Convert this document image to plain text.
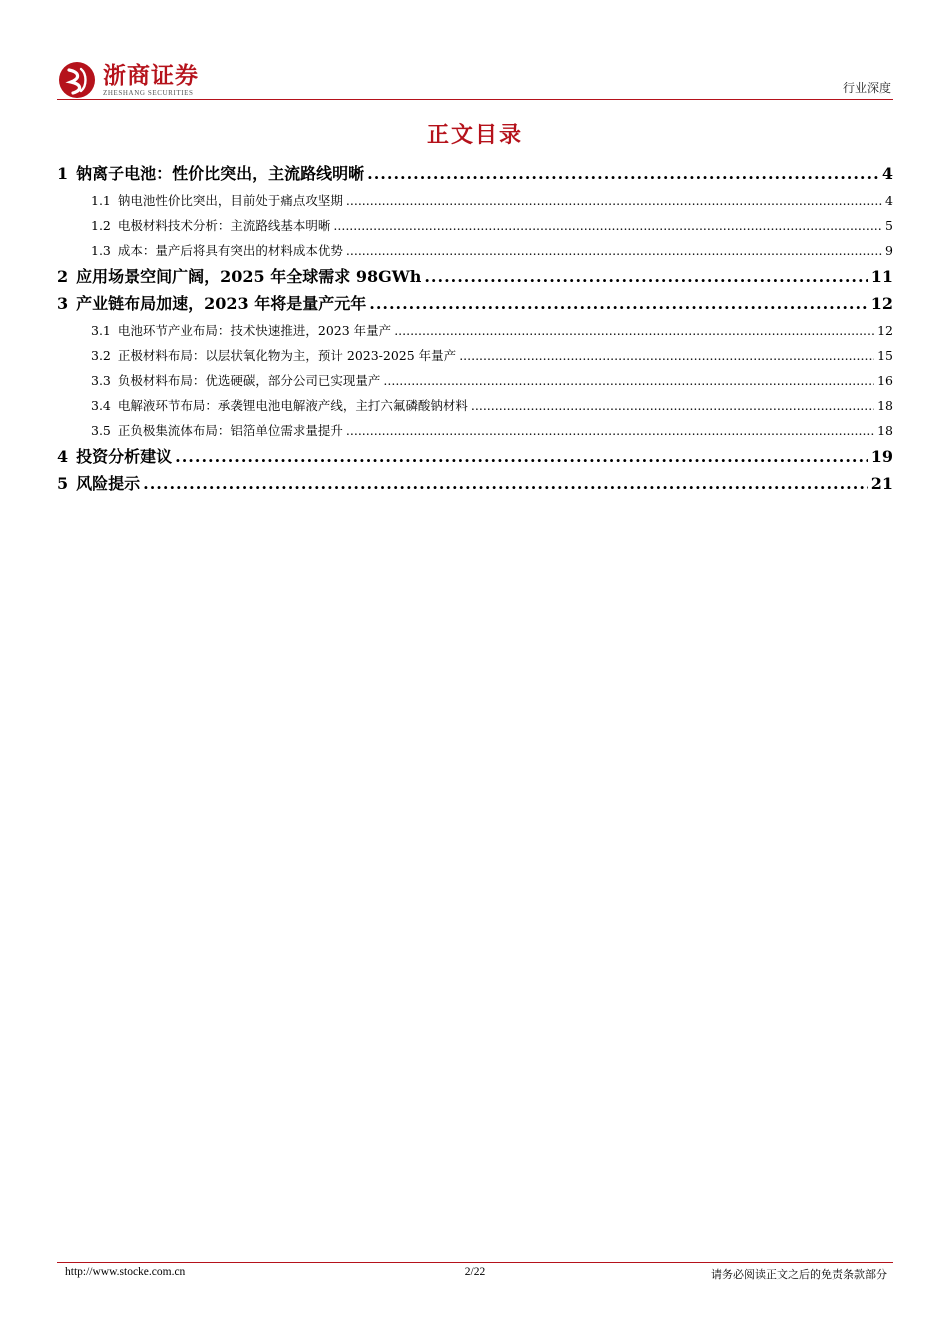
浙商证券
ZHESHANG SECURITIES	行业深度
正文目录
1 钠离子电池：性价比突出，主流路线明晰 .....	4
1.1 钠电池性价比突出，目前处于痛点攻坚期 .....	4
1.2 电极材料技术分析：主流路线基本明晰 .....	5
1.3 成本：量产后将具有突出的材料成本优势 .....	9
2 应用场景空间广阔，2025 年全球需求 98GWh .....	11
3 产业链布局加速，2023 年将是量产元年 .....	12
3.1 电池环节产业布局：技术快速推进，2023 年量产 .....	12
3.2 正极材料布局：以层状氧化物为主，预计 2023-2025 年量产 .....	15
3.3 负极材料布局：优选硬碳，部分公司已实现量产 .....	16
3.4 电解液环节布局：承袭锂电池电解液产线，主打六氟磷酸钠材料 .....	18
3.5 正负极集流体布局：铝箔单位需求量提升 .....	18
4 投资分析建议 .....	19
5 风险提示 .....	21
http://www.stocke.com.cn	2/22	请务必阅读正文之后的免责条款部分
